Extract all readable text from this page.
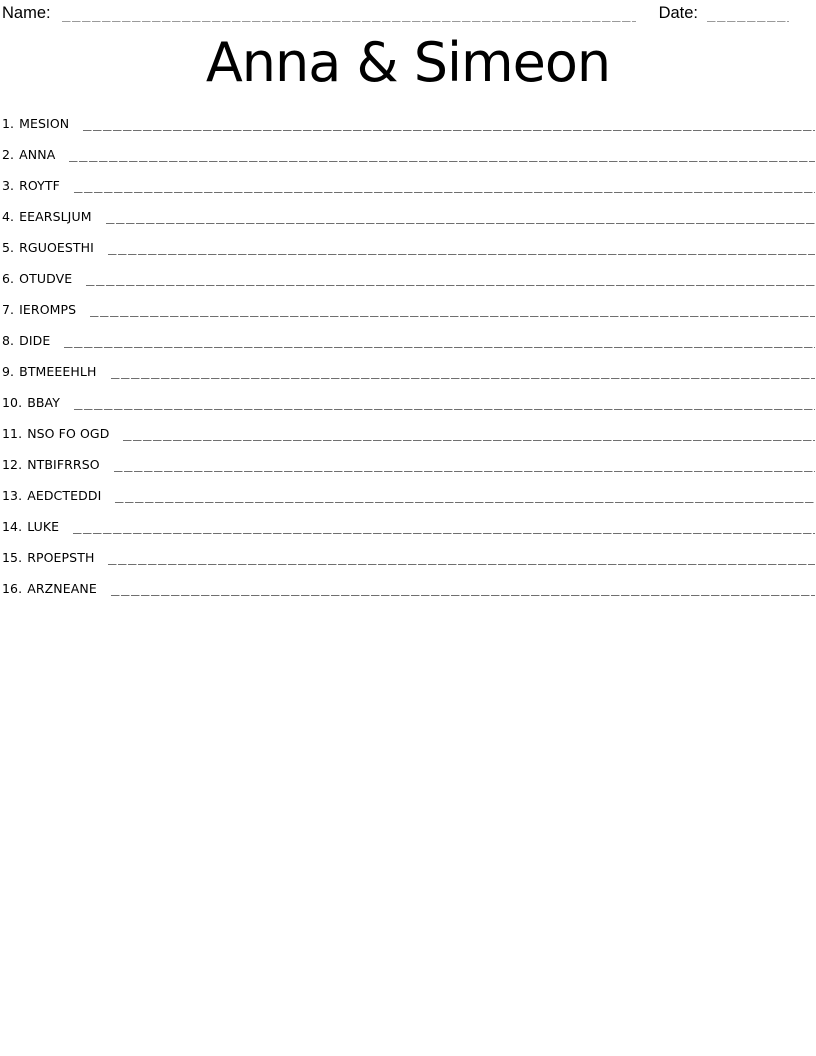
Name:	Date:
Anna & Simeon
1. MESION
2. ANNA
3. ROYTF
4. EEARSLJUM
5. RGUOESTHI
6. OTUDVE
7. IEROMPS
8. DIDE
9. BTMEEEHLH
10. BBAY
11. NSO FO OGD
12. NTBIFRRSO
13. AEDCTEDDI
14. LUKE
15. RPOEPSTH
16. ARZNEANE
